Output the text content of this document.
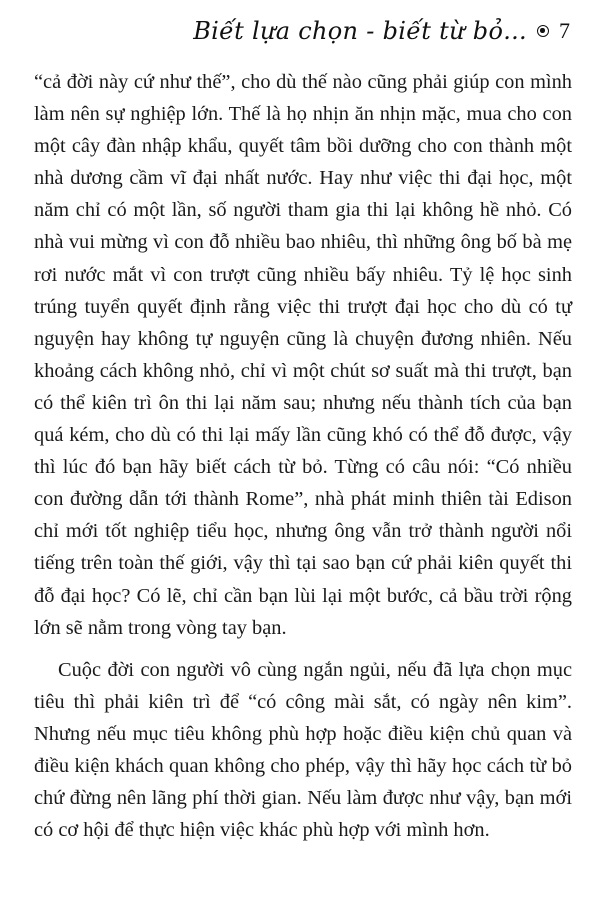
Biết lựa chọn - biết từ bỏ... 7

“cả đời này cứ như thế”, cho dù thế nào cũng phải giúp con mình làm nên sự nghiệp lớn. Thế là họ nhịn ăn nhịn mặc, mua cho con một cây đàn nhập khẩu, quyết tâm bồi dưỡng cho con thành một nhà dương cầm vĩ đại nhất nước. Hay như việc thi đại học, một năm chỉ có một lần, số người tham gia thi lại không hề nhỏ. Có nhà vui mừng vì con đỗ nhiều bao nhiêu, thì những ông bố bà mẹ rơi nước mắt vì con trượt cũng nhiều bấy nhiêu. Tỷ lệ học sinh trúng tuyển quyết định rằng việc thi trượt đại học cho dù có tự nguyện hay không tự nguyện cũng là chuyện đương nhiên. Nếu khoảng cách không nhỏ, chỉ vì một chút sơ suất mà thi trượt, bạn có thể kiên trì ôn thi lại năm sau; nhưng nếu thành tích của bạn quá kém, cho dù có thi lại mấy lần cũng khó có thể đỗ được, vậy thì lúc đó bạn hãy biết cách từ bỏ. Từng có câu nói: “Có nhiều con đường dẫn tới thành Rome”, nhà phát minh thiên tài Edison chỉ mới tốt nghiệp tiểu học, nhưng ông vẫn trở thành người nổi tiếng trên toàn thế giới, vậy thì tại sao bạn cứ phải kiên quyết thi đỗ đại học? Có lẽ, chỉ cần bạn lùi lại một bước, cả bầu trời rộng lớn sẽ nằm trong vòng tay bạn.

Cuộc đời con người vô cùng ngắn ngủi, nếu đã lựa chọn mục tiêu thì phải kiên trì để “có công mài sắt, có ngày nên kim”. Nhưng nếu mục tiêu không phù hợp hoặc điều kiện chủ quan và điều kiện khách quan không cho phép, vậy thì hãy học cách từ bỏ chứ đừng nên lãng phí thời gian. Nếu làm được như vậy, bạn mới có cơ hội để thực hiện việc khác phù hợp với mình hơn.
